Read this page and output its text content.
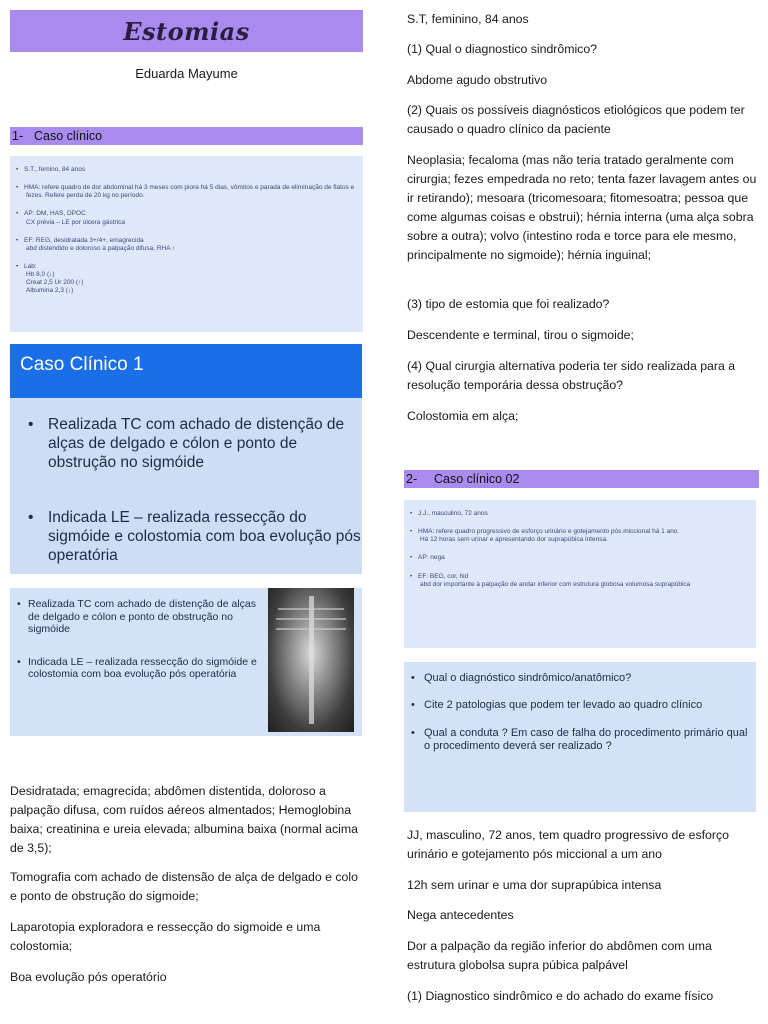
Estomias
Eduarda Mayume
1- Caso clínico
• S.T., femino, 84 anos
• HMA: refere quadro de dor abdominal há 3 meses com piora há 5 dias, vômitos e parada de eliminação de flatos e
fezes. Refere perda de 20 kg no período.
• AP: DM, HAS, DPOC
CX prévia – LE por úlcera gástrica
• EF: REG, desidratada 3+/4+, emagrecida
abd distendido e doloroso à palpação difusa, RHA ↑
• Lab:
Hb 8,0 (↓)
Creat 2,5 Ur 200 (↑)
Albumina 2,3 (↓)
Caso Clínico 1
• Realizada TC com achado de distenção de alças de delgado e cólon e ponto de obstrução no sigmóide
• Indicada LE – realizada ressecção do sigmóide e colostomia com boa evolução pós operatória
• Realizada TC com achado de distenção de alças de delgado e cólon e ponto de obstrução no sigmóide
• Indicada LE – realizada ressecção do sigmóide e colostomia com boa evolução pós operatória
Desidratada; emagrecida; abdômen distentida, doloroso a palpação difusa, com ruídos aéreos almentados; Hemoglobina baixa; creatinina e ureia elevada; albumina baixa (normal acima de 3,5);
Tomografia com achado de distensão de alça de delgado e colo e ponto de obstrução do sigmoide;
Laparotopia exploradora e ressecção do sigmoide e uma colostomia;
Boa evolução pós operatório
S.T, feminino, 84 anos
(1) Qual o diagnostico sindrômico?
Abdome agudo obstrutivo
(2) Quais os possíveis diagnósticos etiológicos que podem ter causado o quadro clínico da paciente
Neoplasia; fecaloma (mas não teria tratado geralmente com cirurgia; fezes empedrada no reto; tenta fazer lavagem antes ou ir retirando); mesoara (tricomesoara; fitomesoatra; pessoa que come algumas coisas e obstrui); hérnia interna (uma alça sobra sobre a outra); volvo (intestino roda e torce para ele mesmo, principalmente no sigmoide); hérnia inguinal;
(3) tipo de estomia que foi realizado?
Descendente e terminal, tirou o sigmoide;
(4) Qual cirurgia alternativa poderia ter sido realizada para a resolução temporária dessa obstrução?
Colostomia em alça;
2- Caso clínico 02
• J.J., masculino, 72 anos
• HMA: refere quadro progressivo de esforço urinário e gotejamento pós miccional há 1 ano.
Há 12 horas sem urinar e apresentando dor suprapúbica intensa.
• AP: nega
• EF: BEG, cor, hid
abd dor importante à palpação de andar inferior com estrutura globosa volumosa suprapúbica
• Qual o diagnóstico sindrômico/anatômico?
• Cite 2 patologias que podem ter levado ao quadro clínico
• Qual a conduta ? Em caso de falha do procedimento primário qual o procedimento deverá ser realizado ?
JJ, masculino, 72 anos, tem quadro progressivo de esforço urinário e gotejamento pós miccional a um ano
12h sem urinar e uma dor suprapúbica intensa
Nega antecedentes
Dor a palpação da região inferior do abdômen com uma estrutura globolsa supra púbica palpável
(1) Diagnostico sindrômico e do achado do exame físico
